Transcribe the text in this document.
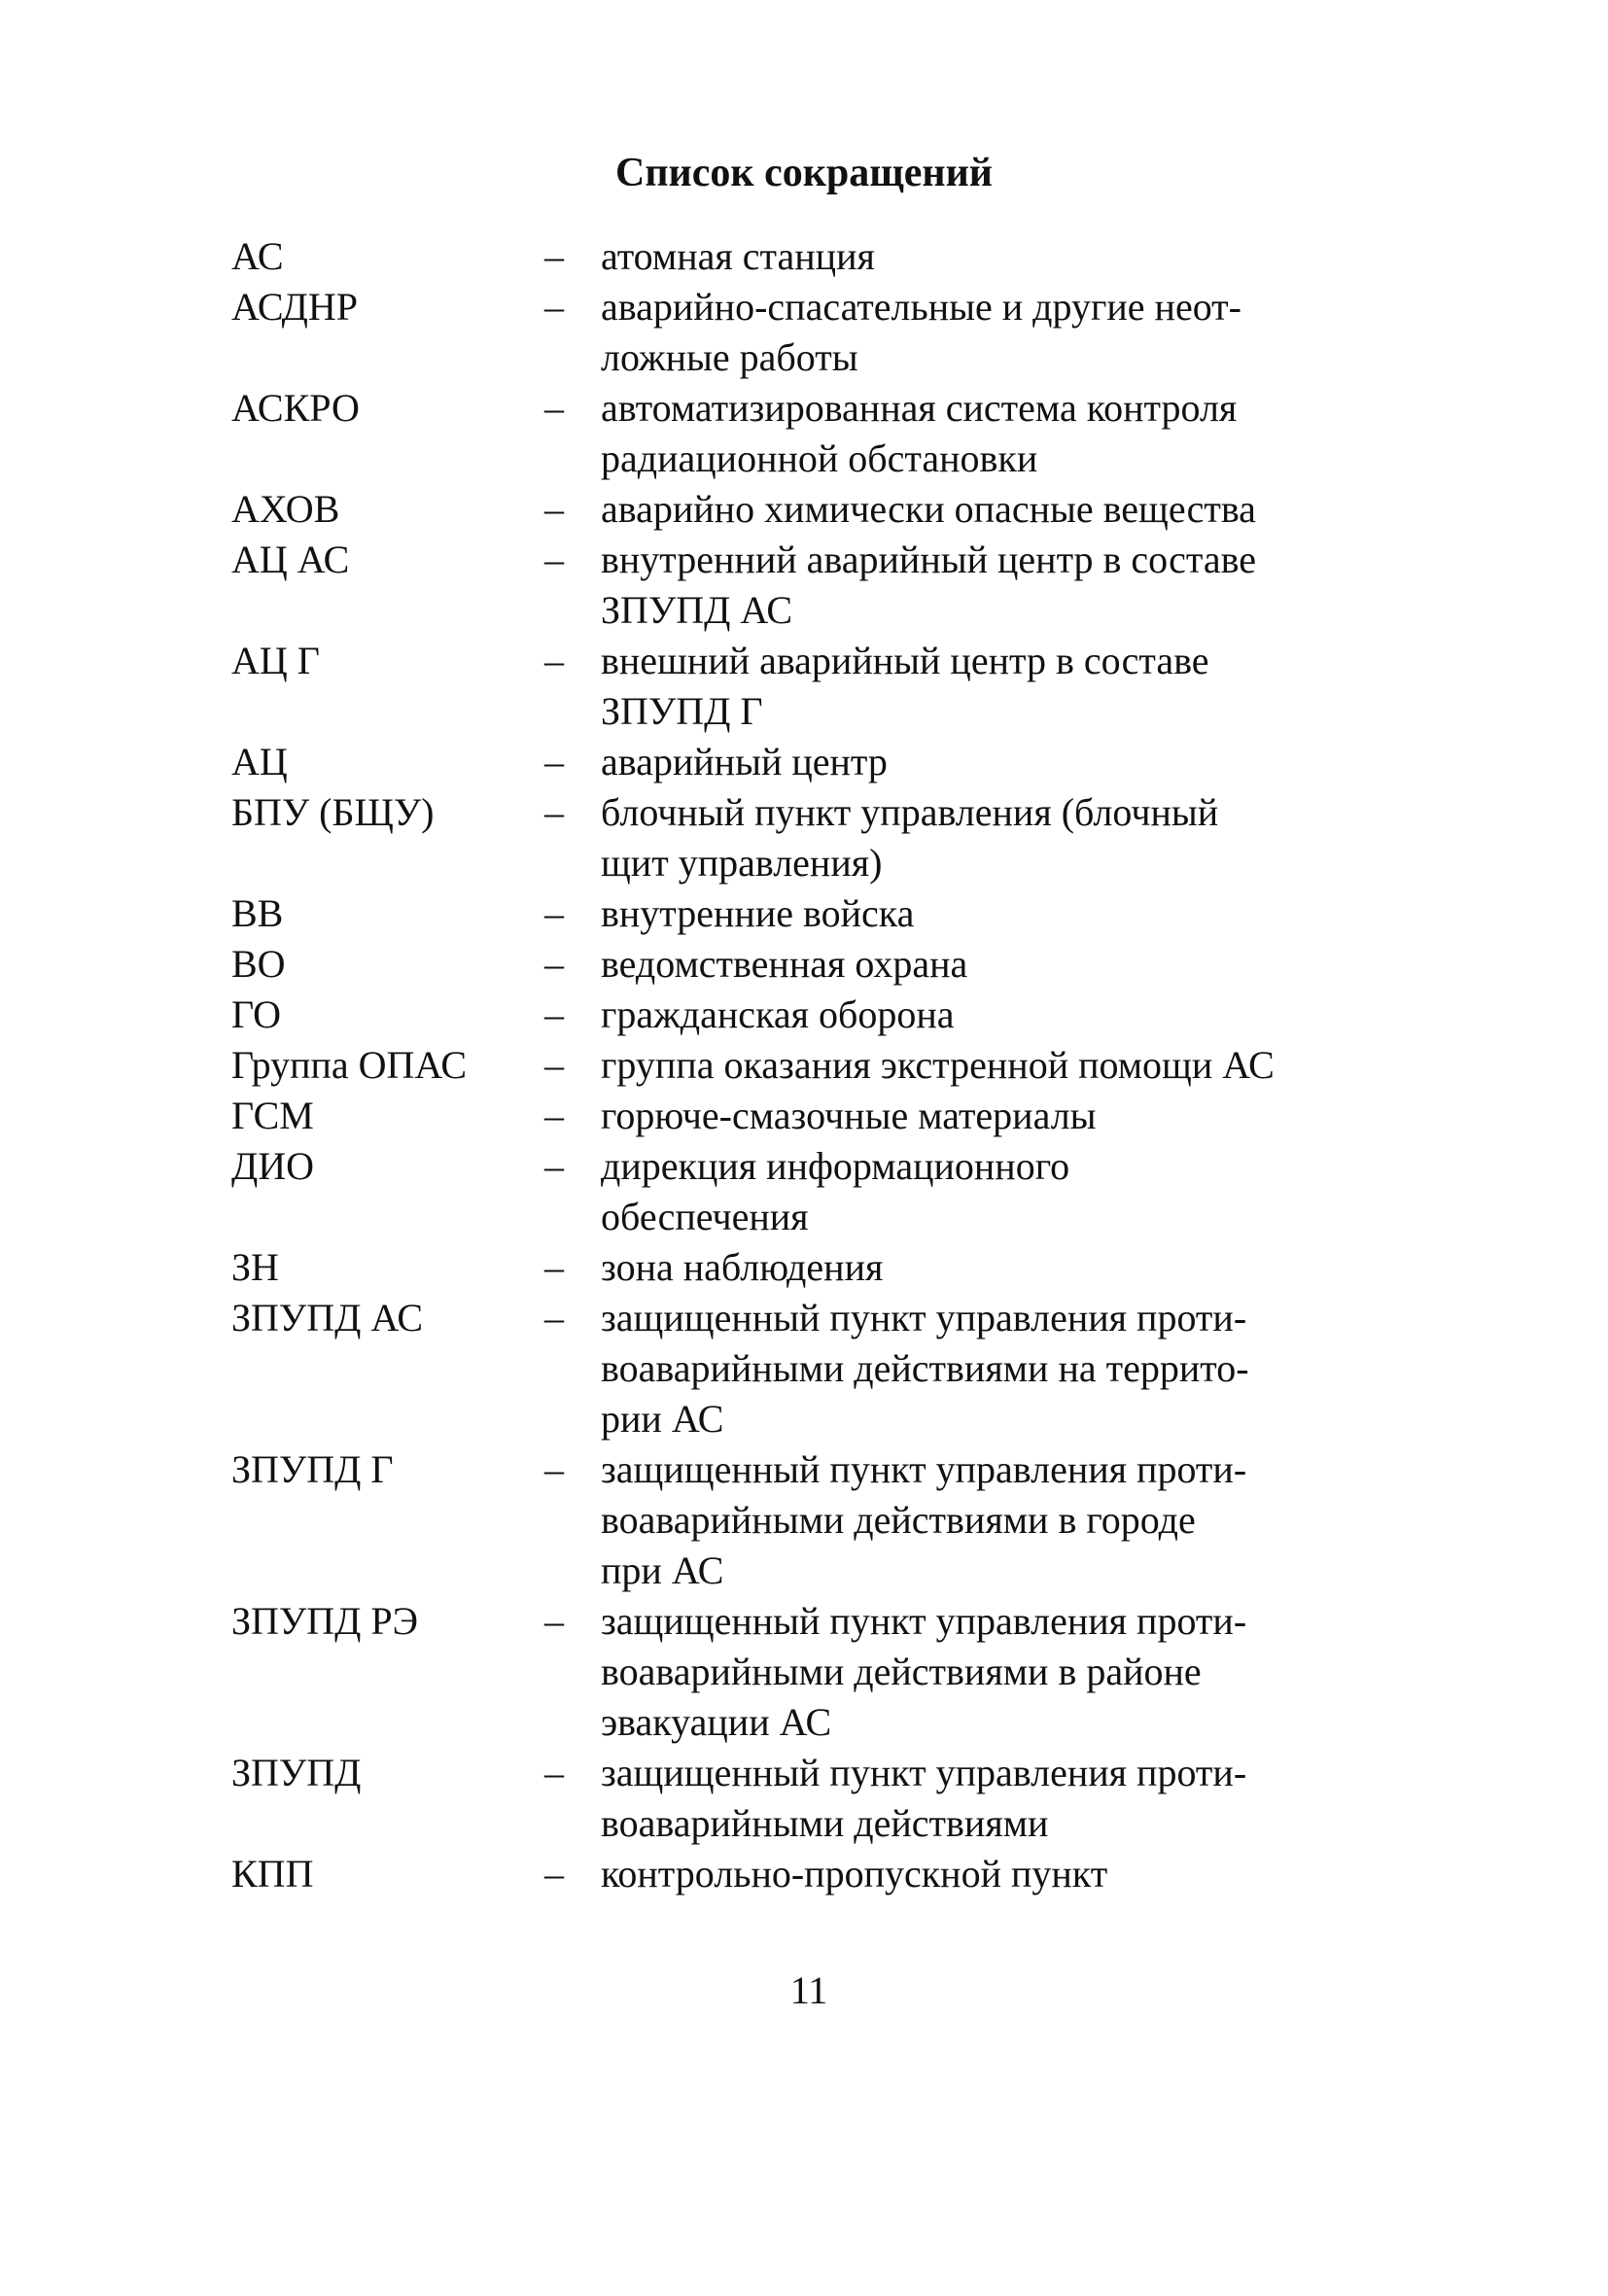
Список сокращений
АС	– атомная станция
АСДНР	– аварийно-спасательные и другие неот-
ложные работы
АСКРО	– автоматизированная система контроля
радиационной обстановки
АХОВ	– аварийно химически опасные вещества
АЦ АС	– внутренний аварийный центр в составе
ЗПУПД АС
АЦ Г	– внешний аварийный центр в составе
ЗПУПД Г
АЦ	– аварийный центр
БПУ (БЩУ)	– блочный пункт управления (блочный
щит управления)
ВВ	– внутренние войска
ВО	– ведомственная охрана
ГО	– гражданская оборона
Группа ОПАС	– группа оказания экстренной помощи АС
ГСМ	– горюче-смазочные материалы
ДИО	– дирекция информационного
обеспечения
ЗН	– зона наблюдения
ЗПУПД АС	– защищенный пункт управления проти-
воаварийными действиями на террито-
рии АС
ЗПУПД Г	– защищенный пункт управления проти-
воаварийными действиями в городе
при АС
ЗПУПД РЭ	– защищенный пункт управления проти-
воаварийными действиями в районе
эвакуации АС
ЗПУПД	– защищенный пункт управления проти-
воаварийными действиями
КПП	– контрольно-пропускной пункт
11
